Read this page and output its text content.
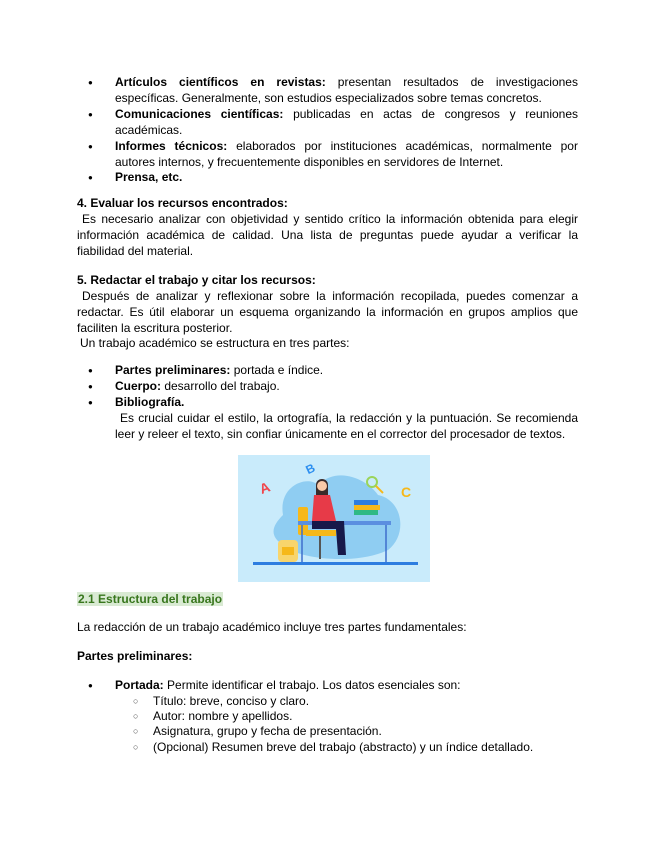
● Artículos científicos en revistas: presentan resultados de investigaciones específicas. Generalmente, son estudios especializados sobre temas concretos.
● Comunicaciones científicas: publicadas en actas de congresos y reuniones académicas.
● Informes técnicos: elaborados por instituciones académicas, normalmente por autores internos, y frecuentemente disponibles en servidores de Internet.
● Prensa, etc.
4. Evaluar los recursos encontrados:
Es necesario analizar con objetividad y sentido crítico la información obtenida para elegir información académica de calidad. Una lista de preguntas puede ayudar a verificar la fiabilidad del material.
5. Redactar el trabajo y citar los recursos:
Después de analizar y reflexionar sobre la información recopilada, puedes comenzar a redactar. Es útil elaborar un esquema organizando la información en grupos amplios que faciliten la escritura posterior.
Un trabajo académico se estructura en tres partes:
● Partes preliminares: portada e índice.
● Cuerpo: desarrollo del trabajo.
● Bibliografía.
Es crucial cuidar el estilo, la ortografía, la redacción y la puntuación. Se recomienda leer y releer el texto, sin confiar únicamente en el corrector del procesador de textos.
A
B
C
2.1 Estructura del trabajo
La redacción de un trabajo académico incluye tres partes fundamentales:
Partes preliminares:
● Portada: Permite identificar el trabajo. Los datos esenciales son:
○ Título: breve, conciso y claro.
○ Autor: nombre y apellidos.
○ Asignatura, grupo y fecha de presentación.
○ (Opcional) Resumen breve del trabajo (abstracto) y un índice detallado.
